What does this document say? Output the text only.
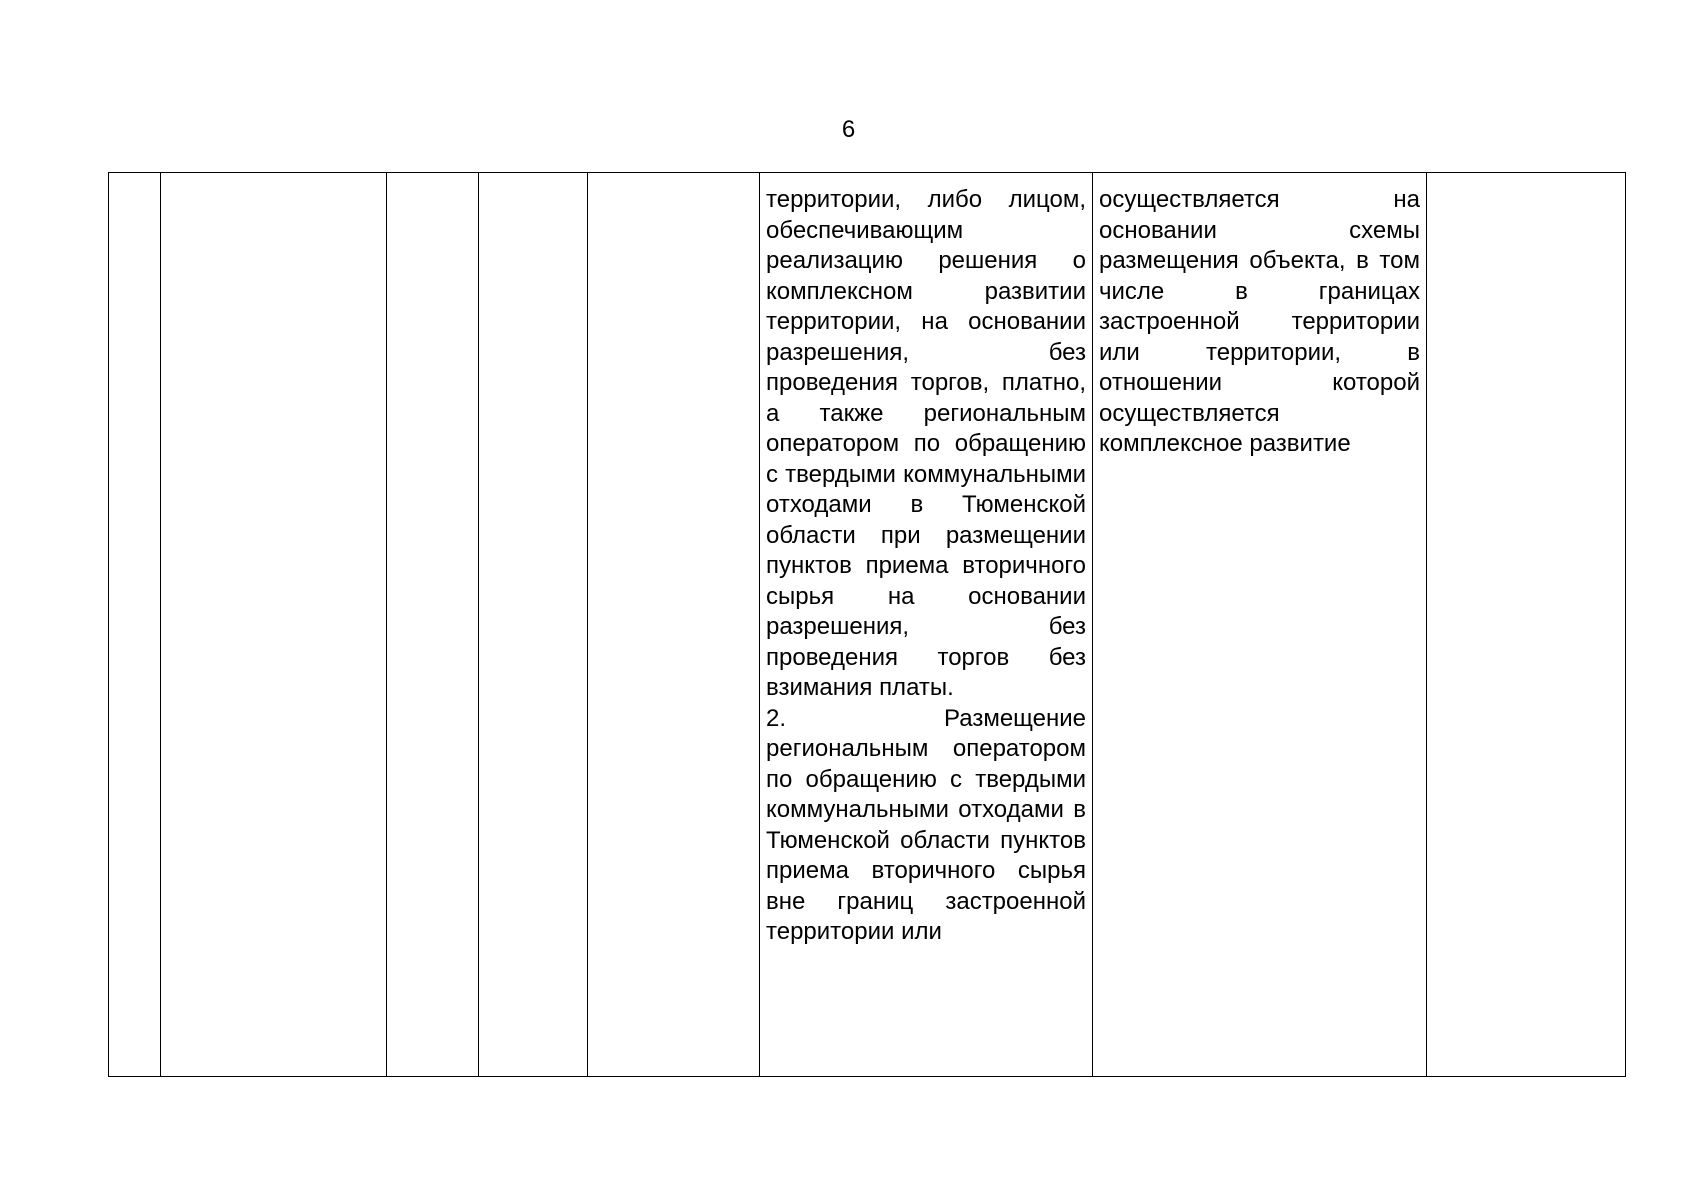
6

территории, либо лицом, обеспечивающим реализацию решения о комплексном развитии территории, на основании разрешения, без проведения торгов, платно, а также региональным оператором по обращению с твердыми коммунальными отходами в Тюменской области при размещении пунктов приема вторичного сырья на основании разрешения, без проведения торгов без взимания платы.
2. Размещение региональным оператором по обращению с твердыми коммунальными отходами в Тюменской области пунктов приема вторичного сырья вне границ застроенной территории или

осуществляется на основании схемы размещения объекта, в том числе в границах застроенной территории или территории, в отношении которой осуществляется комплексное развитие
